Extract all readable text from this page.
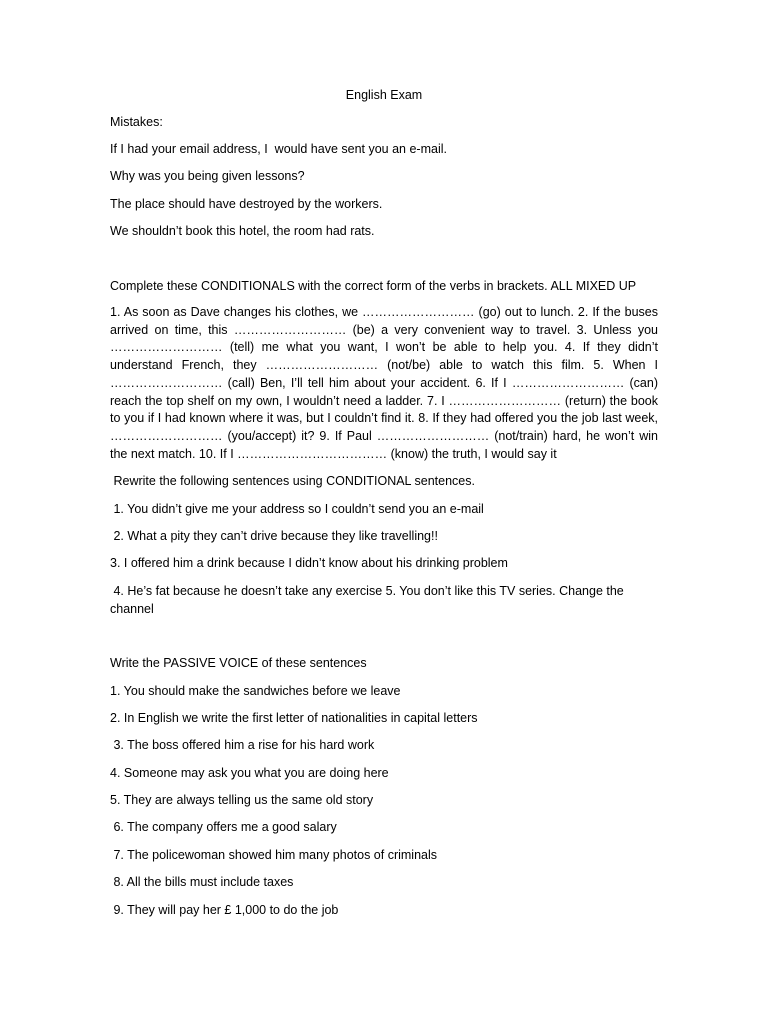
English Exam
Mistakes:
If I had your email address, I  would have sent you an e-mail.
Why was you being given lessons?
The place should have destroyed by the workers.
We shouldn’t book this hotel, the room had rats.
Complete these CONDITIONALS with the correct form of the verbs in brackets. ALL MIXED UP
1. As soon as Dave changes his clothes, we ……………………… (go) out to lunch. 2. If the buses arrived on time, this ……………………… (be) a very convenient way to travel. 3. Unless you ……………………… (tell) me what you want, I won’t be able to help you. 4. If they didn’t understand French, they ……………………… (not/be) able to watch this film. 5. When I ……………………… (call) Ben, I’ll tell him about your accident. 6. If I ……………………… (can) reach the top shelf on my own, I wouldn’t need a ladder. 7. I ……………………… (return) the book to you if I had known where it was, but I couldn’t find it. 8. If they had offered you the job last week, ……………………… (you/accept) it? 9. If Paul ……………………… (not/train) hard, he won’t win the next match. 10. If I ……………………………… (know) the truth, I would say it
Rewrite the following sentences using CONDITIONAL sentences.
1. You didn’t give me your address so I couldn’t send you an e-mail
2. What a pity they can’t drive because they like travelling!!
3. I offered him a drink because I didn’t know about his drinking problem
4. He’s fat because he doesn’t take any exercise 5. You don’t like this TV series. Change the
channel
Write the PASSIVE VOICE of these sentences
1. You should make the sandwiches before we leave
2. In English we write the first letter of nationalities in capital letters
3. The boss offered him a rise for his hard work
4. Someone may ask you what you are doing here
5. They are always telling us the same old story
6. The company offers me a good salary
7. The policewoman showed him many photos of criminals
8. All the bills must include taxes
9. They will pay her £ 1,000 to do the job
